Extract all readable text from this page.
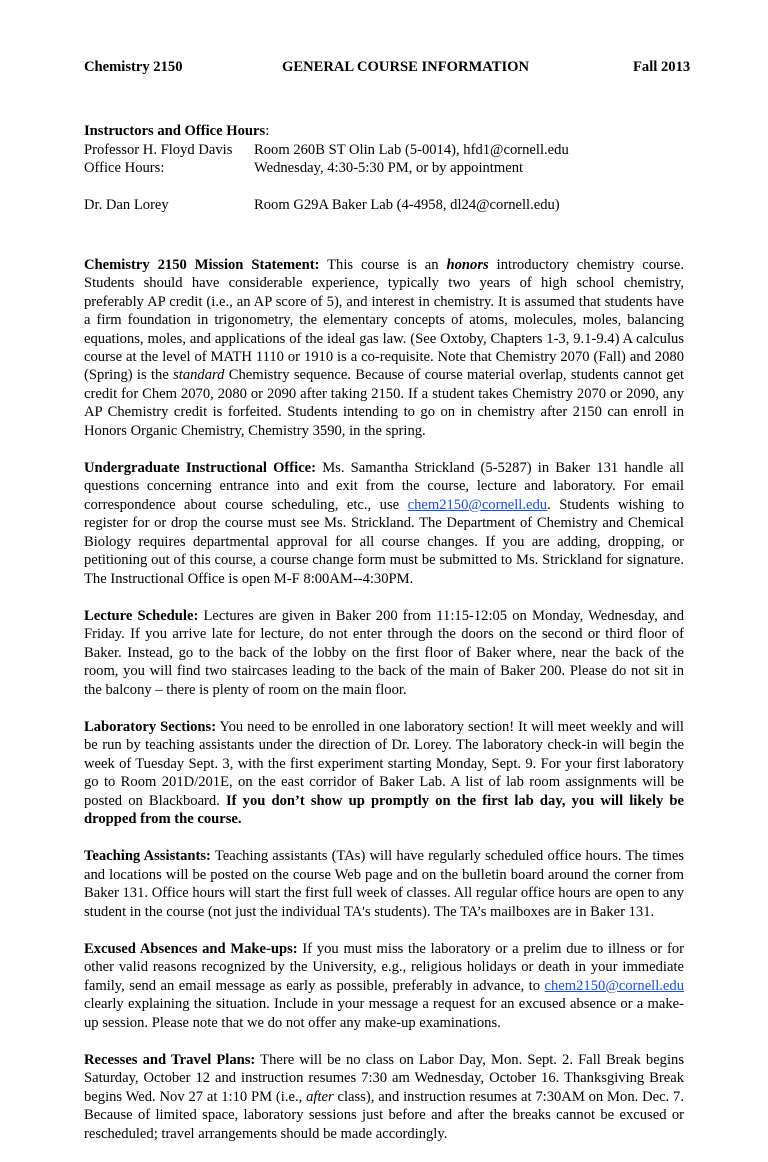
Chemistry 2150	GENERAL COURSE INFORMATION	Fall 2013
Instructors and Office Hours:
Professor H. Floyd Davis Room 260B ST Olin Lab (5-0014), hfd1@cornell.edu
Office Hours:	Wednesday, 4:30-5:30 PM, or by appointment
Dr. Dan Lorey	Room G29A Baker Lab (4-4958, dl24@cornell.edu)

Chemistry 2150 Mission Statement: This course is an honors introductory chemistry course. Students should have considerable experience, typically two years of high school chemistry, preferably AP credit (i.e., an AP score of 5), and interest in chemistry. It is assumed that students have a firm foundation in trigonometry, the elementary concepts of atoms, molecules, moles, balancing equations, moles, and applications of the ideal gas law. (See Oxtoby, Chapters 1-3, 9.1-9.4) A calculus course at the level of MATH 1110 or 1910 is a co-requisite. Note that Chemistry 2070 (Fall) and 2080 (Spring) is the standard Chemistry sequence. Because of course material overlap, students cannot get credit for Chem 2070, 2080 or 2090 after taking 2150. If a student takes Chemistry 2070 or 2090, any AP Chemistry credit is forfeited. Students intending to go on in chemistry after 2150 can enroll in Honors Organic Chemistry, Chemistry 3590, in the spring.

Undergraduate Instructional Office: Ms. Samantha Strickland (5-5287) in Baker 131 handle all questions concerning entrance into and exit from the course, lecture and laboratory. For email correspondence about course scheduling, etc., use chem2150@cornell.edu. Students wishing to register for or drop the course must see Ms. Strickland. The Department of Chemistry and Chemical Biology requires departmental approval for all course changes. If you are adding, dropping, or petitioning out of this course, a course change form must be submitted to Ms. Strickland for signature. The Instructional Office is open M-F 8:00AM--4:30PM.

Lecture Schedule: Lectures are given in Baker 200 from 11:15-12:05 on Monday, Wednesday, and Friday. If you arrive late for lecture, do not enter through the doors on the second or third floor of Baker. Instead, go to the back of the lobby on the first floor of Baker where, near the back of the room, you will find two staircases leading to the back of the main of Baker 200. Please do not sit in the balcony – there is plenty of room on the main floor.

Laboratory Sections: You need to be enrolled in one laboratory section! It will meet weekly and will be run by teaching assistants under the direction of Dr. Lorey. The laboratory check-in will begin the week of Tuesday Sept. 3, with the first experiment starting Monday, Sept. 9. For your first laboratory go to Room 201D/201E, on the east corridor of Baker Lab. A list of lab room assignments will be posted on Blackboard. If you don’t show up promptly on the first lab day, you will likely be dropped from the course.

Teaching Assistants: Teaching assistants (TAs) will have regularly scheduled office hours. The times and locations will be posted on the course Web page and on the bulletin board around the corner from Baker 131. Office hours will start the first full week of classes. All regular office hours are open to any student in the course (not just the individual TA's students). The TA’s mailboxes are in Baker 131.

Excused Absences and Make-ups: If you must miss the laboratory or a prelim due to illness or for other valid reasons recognized by the University, e.g., religious holidays or death in your immediate family, send an email message as early as possible, preferably in advance, to chem2150@cornell.edu clearly explaining the situation. Include in your message a request for an excused absence or a make-up session. Please note that we do not offer any make-up examinations.

Recesses and Travel Plans: There will be no class on Labor Day, Mon. Sept. 2. Fall Break begins Saturday, October 12 and instruction resumes 7:30 am Wednesday, October 16. Thanksgiving Break begins Wed. Nov 27 at 1:10 PM (i.e., after class), and instruction resumes at 7:30AM on Mon. Dec. 7. Because of limited space, laboratory sessions just before and after the breaks cannot be excused or rescheduled; travel arrangements should be made accordingly.
